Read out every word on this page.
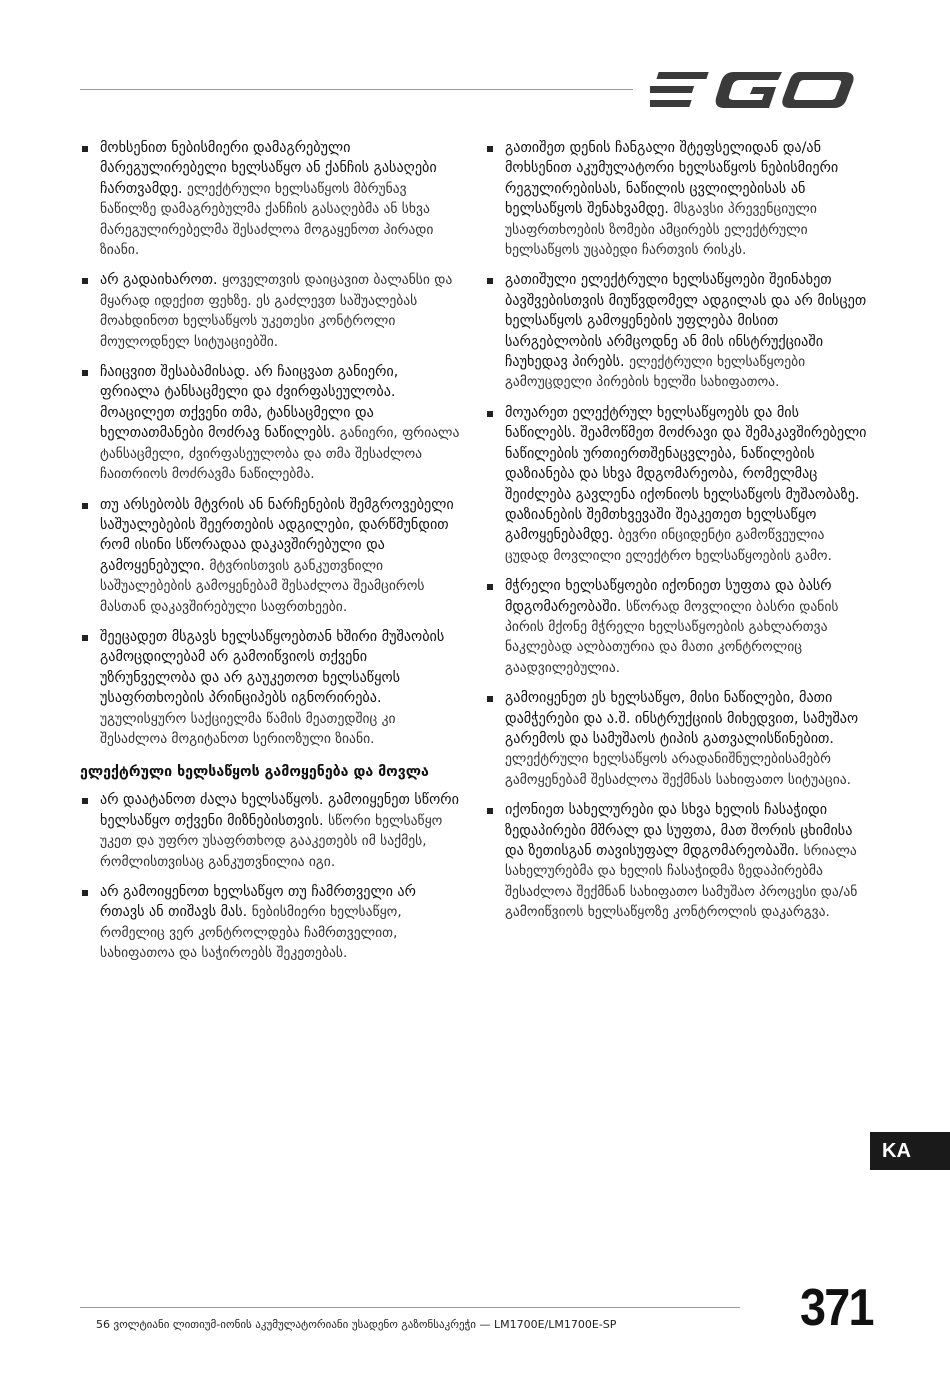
მოხსენით ნებისმიერი დამაგრებული მარეგულირებელი ხელსაწყო ან ქანჩის გასაღები ჩართვამდე. ელექტრული ხელსაწყოს მბრუნავ ნაწილზე დამაგრებულმა ქანჩის გასაღებმა ან სხვა მარეგულირებელმა შესაძლოა მოგაყენოთ პირადი ზიანი.
არ გადაიხაროთ. ყოველთვის დაიცავით ბალანსი და მყარად იდექით ფეხზე. ეს გაძლევთ საშუალებას მოახდინოთ ხელსაწყოს უკეთესი კონტროლი მოულოდნელ სიტუაციებში.
ჩაიცვით შესაბამისად. არ ჩაიცვათ განიერი, ფრიალა ტანსაცმელი და ძვირფასეულობა. მოაცილეთ თქვენი თმა, ტანსაცმელი და ხელთათმანები მოძრავ ნაწილებს. განიერი, ფრიალა ტანსაცმელი, ძვირფასეულობა და თმა შესაძლოა ჩაითრიოს მოძრავმა ნაწილებმა.
თუ არსებობს მტვრის ან ნარჩენების შემგროვებელი საშუალებების შეერთების ადგილები, დარწმუნდით რომ ისინი სწორადაა დაკავშირებული და გამოყენებული. მტვრისთვის განკუთვნილი საშუალებების გამოყენებამ შესაძლოა შეამციროს მასთან დაკავშირებული საფრთხეები.
შეეცადეთ მსგავს ხელსაწყოებთან ხშირი მუშაობის გამოცდილებამ არ გამოიწვიოს თქვენი უზრუნველობა და არ გაუკეთოთ ხელსაწყოს უსაფრთხოების პრინციპებს იგნორირება. უგულისყურო საქციელმა წამის მეათედშიც კი შესაძლოა მოგიტანოთ სერიოზული ზიანი.
ელექტრული ხელსაწყოს გამოყენება და მოვლა
არ დაატანოთ ძალა ხელსაწყოს. გამოიყენეთ სწორი ხელსაწყო თქვენი მიზნებისთვის. სწორი ხელსაწყო უკეთ და უფრო უსაფრთხოდ გააკეთებს იმ საქმეს, რომლისთვისაც განკუთვნილია იგი.
არ გამოიყენოთ ხელსაწყო თუ ჩამრთველი არ რთავს ან თიშავს მას. ნებისმიერი ხელსაწყო, რომელიც ვერ კონტროლდება ჩამრთველით, სახიფათოა და საჭიროებს შეკეთებას.
გათიშეთ დენის ჩანგალი შტეფსელიდან და/ან მოხსენით აკუმულატორი ხელსაწყოს ნებისმიერი რეგულირებისას, ნაწილის ცვლილებისას ან ხელსაწყოს შენახვამდე. მსგავსი პრევენციული უსაფრთხოების ზომები ამცირებს ელექტრული ხელსაწყოს უცაბედი ჩართვის რისკს.
გათიშული ელექტრული ხელსაწყოები შეინახეთ ბავშვებისთვის მიუწვდომელ ადგილას და არ მისცეთ ხელსაწყოს გამოყენების უფლება მისით სარგებლობის არმცოდნე ან მის ინსტრუქციაში ჩაუხედავ პირებს. ელექტრული ხელსაწყოები გამოუცდელი პირების ხელში სახიფათოა.
მოუარეთ ელექტრულ ხელსაწყოებს და მის ნაწილებს. შეამოწმეთ მოძრავი და შემაკავშირებელი ნაწილების ურთიერთშენაცვლება, ნაწილების დაზიანება და სხვა მდგომარეობა, რომელმაც შეიძლება გავლენა იქონიოს ხელსაწყოს მუშაობაზე. დაზიანების შემთხვევაში შეაკეთეთ ხელსაწყო გამოყენებამდე. ბევრი ინციდენტი გამოწვეულია ცუდად მოვლილი ელექტრო ხელსაწყოების გამო.
მჭრელი ხელსაწყოები იქონიეთ სუფთა და ბასრ მდგომარეობაში. სწორად მოვლილი ბასრი დანის პირის მქონე მჭრელი ხელსაწყოების გახლართვა ნაკლებად ალბათურია და მათი კონტროლიც გაადვილებულია.
გამოიყენეთ ეს ხელსაწყო, მისი ნაწილები, მათი დამჭერები და ა.შ. ინსტრუქციის მიხედვით, სამუშაო გარემოს და სამუშაოს ტიპის გათვალისწინებით. ელექტრული ხელსაწყოს არადანიშნულებისამებრ გამოყენებამ შესაძლოა შექმნას სახიფათო სიტუაცია.
იქონიეთ სახელურები და სხვა ხელის ჩასაჭიდი ზედაპირები მშრალ და სუფთა, მათ შორის ცხიმისა და ზეთისგან თავისუფალ მდგომარეობაში. სრიალა სახელურებმა და ხელის ჩასაჭიდმა ზედაპირებმა შესაძლოა შექმნან სახიფათო სამუშაო პროცესი და/ან გამოიწვიოს ხელსაწყოზე კონტროლის დაკარგვა.
KA
56 ვოლტიანი ლითიუმ-იონის აკუმულატორიანი უსადენო გაზონსაკრეჭი — LM1700E/LM1700E-SP	371
